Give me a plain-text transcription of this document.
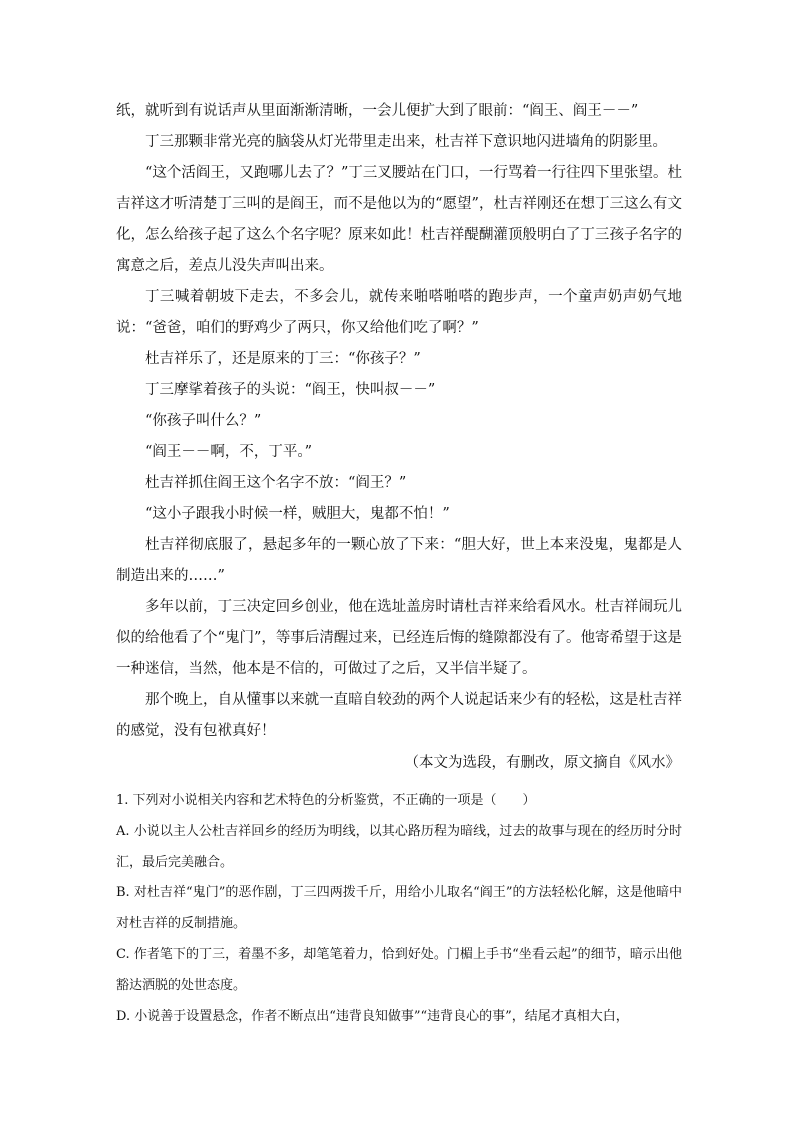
纸，就听到有说话声从里面渐渐清晰，一会儿便扩大到了眼前：“阎王、阎王－－”

丁三那颗非常光亮的脑袋从灯光带里走出来，杜吉祥下意识地闪进墙角的阴影里。

“这个活阎王，又跑哪儿去了？”丁三叉腰站在门口，一行骂着一行往四下里张望。杜吉祥这才听清楚丁三叫的是阎王，而不是他以为的“愿望”，杜吉祥刚还在想丁三这么有文化，怎么给孩子起了这么个名字呢？原来如此！杜吉祥醍醐灌顶般明白了丁三孩子名字的寓意之后，差点儿没失声叫出来。

丁三喊着朝坡下走去，不多会儿，就传来啪嗒啪嗒的跑步声，一个童声奶声奶气地说：“爸爸，咱们的野鸡少了两只，你又给他们吃了啊？”

杜吉祥乐了，还是原来的丁三：“你孩子？”

丁三摩挲着孩子的头说：“阎王，快叫叔－－”

“你孩子叫什么？”

“阎王－－啊，不，丁平。”

杜吉祥抓住阎王这个名字不放：“阎王？”

“这小子跟我小时候一样，贼胆大，鬼都不怕！”

杜吉祥彻底服了，悬起多年的一颗心放了下来：“胆大好，世上本来没鬼，鬼都是人制造出来的……”

多年以前，丁三决定回乡创业，他在选址盖房时请杜吉祥来给看风水。杜吉祥闹玩儿似的给他看了个“鬼门”，等事后清醒过来，已经连后悔的缝隙都没有了。他寄希望于这是一种迷信，当然，他本是不信的，可做过了之后，又半信半疑了。

那个晚上，自从懂事以来就一直暗自较劲的两个人说起话来少有的轻松，这是杜吉祥的感觉，没有包袱真好！

（本文为选段，有删改，原文摘自《风水》

1. 下列对小说相关内容和艺术特色的分析鉴赏，不正确的一项是（　　）

A. 小说以主人公杜吉祥回乡的经历为明线，以其心路历程为暗线，过去的故事与现在的经历时分时汇，最后完美融合。

B. 对杜吉祥“鬼门”的恶作剧，丁三四两拨千斤，用给小儿取名“阎王”的方法轻松化解，这是他暗中对杜吉祥的反制措施。

C. 作者笔下的丁三，着墨不多，却笔笔着力，恰到好处。门楣上手书“坐看云起”的细节，暗示出他豁达洒脱的处世态度。

D. 小说善于设置悬念，作者不断点出“违背良知做事”“违背良心的事”，结尾才真相大白，
